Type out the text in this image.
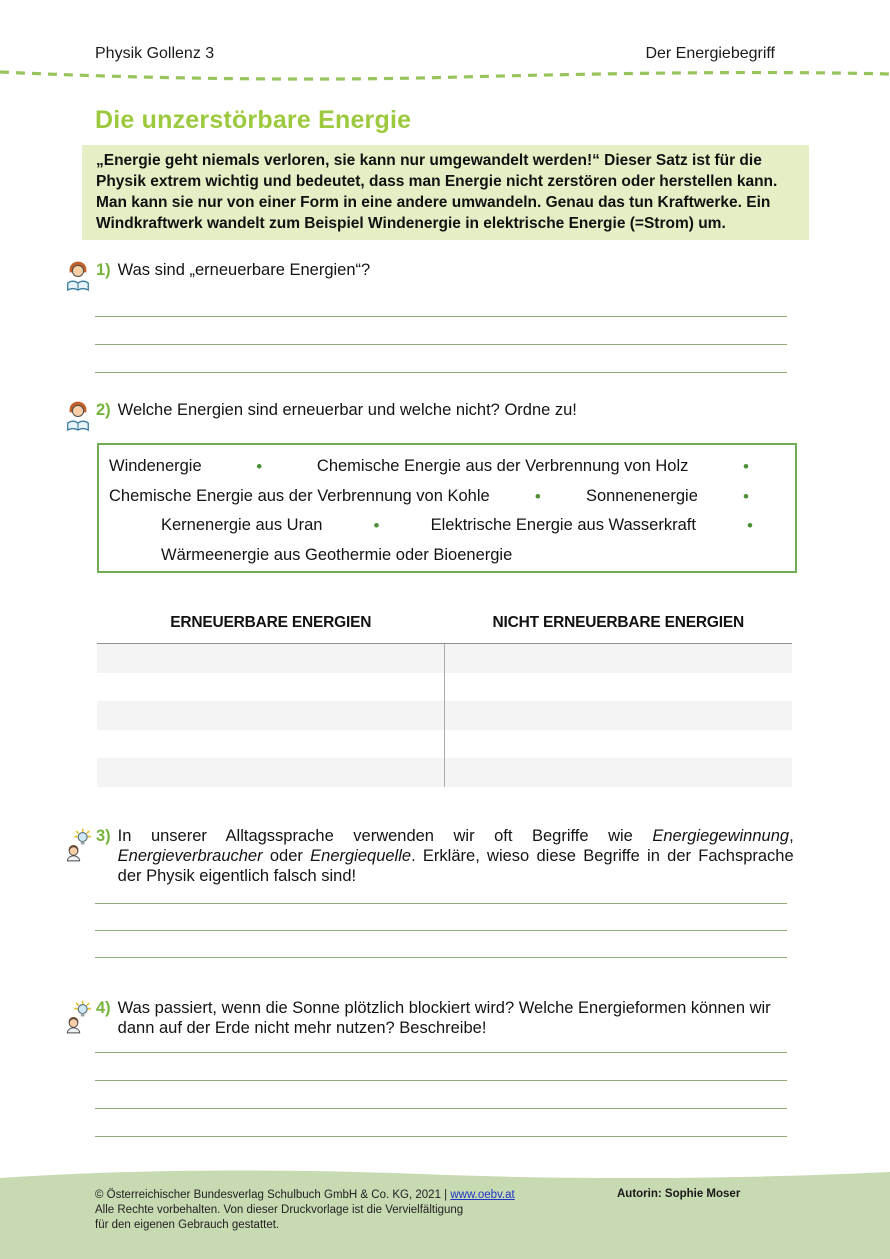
Physik Gollenz 3	Der Energiebegriff
Die unzerstörbare Energie

„Energie geht niemals verloren, sie kann nur umgewandelt werden!“ Dieser Satz ist für die Physik extrem wichtig und bedeutet, dass man Energie nicht zerstören oder herstellen kann. Man kann sie nur von einer Form in eine andere umwandeln. Genau das tun Kraftwerke. Ein Windkraftwerk wandelt zum Beispiel Windenergie in elektrische Energie (=Strom) um.

1) Was sind „erneuerbare Energien“?
2) Welche Energien sind erneuerbar und welche nicht? Ordne zu!
Windenergie	•	Chemische Energie aus der Verbrennung von Holz	•
Chemische Energie aus der Verbrennung von Kohle	•	Sonnenenergie	•
Kernenergie aus Uran	•	Elektrische Energie aus Wasserkraft	•
Wärmeenergie aus Geothermie oder Bioenergie
ERNEUERBARE ENERGIEN	NICHT ERNEUERBARE ENERGIEN
3) In unserer Alltagssprache verwenden wir oft Begriffe wie Energiegewinnung, Energieverbraucher oder Energiequelle. Erkläre, wieso diese Begriffe in der Fachsprache der Physik eigentlich falsch sind!
4) Was passiert, wenn die Sonne plötzlich blockiert wird? Welche Energieformen können wir dann auf der Erde nicht mehr nutzen? Beschreibe!
© Österreichischer Bundesverlag Schulbuch GmbH & Co. KG, 2021 | www.oebv.at
Alle Rechte vorbehalten. Von dieser Druckvorlage ist die Vervielfältigung
für den eigenen Gebrauch gestattet.
Autorin: Sophie Moser
